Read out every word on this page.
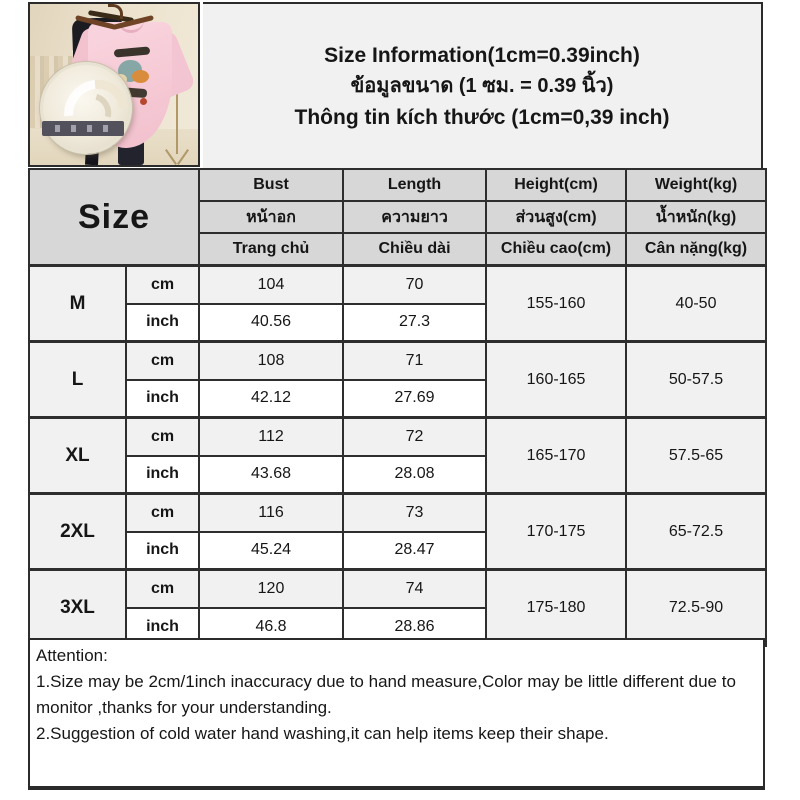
Size Information(1cm=0.39inch)
ข้อมูลขนาด (1 ซม. = 0.39 นิ้ว)
Thông tin kích thước (1cm=0,39 inch)
Size		Bust	Length	Height(cm)	Weight(kg)
		หน้าอก	ความยาว	ส่วนสูง(cm)	น้ำหนัก(kg)
		Trang chủ	Chiều dài	Chiều cao(cm)	Cân nặng(kg)
M	cm	104	70	155-160	40-50
	inch	40.56	27.3		
L	cm	108	71	160-165	50-57.5
	inch	42.12	27.69		
XL	cm	112	72	165-170	57.5-65
	inch	43.68	28.08		
2XL	cm	116	73	170-175	65-72.5
	inch	45.24	28.47		
3XL	cm	120	74	175-180	72.5-90
	inch	46.8	28.86		

Attention:

1.Size may be 2cm/1inch inaccuracy due to hand measure,Color may be little different due to monitor ,thanks for your understanding.

2.Suggestion of cold water hand washing,it can help items keep their shape.
